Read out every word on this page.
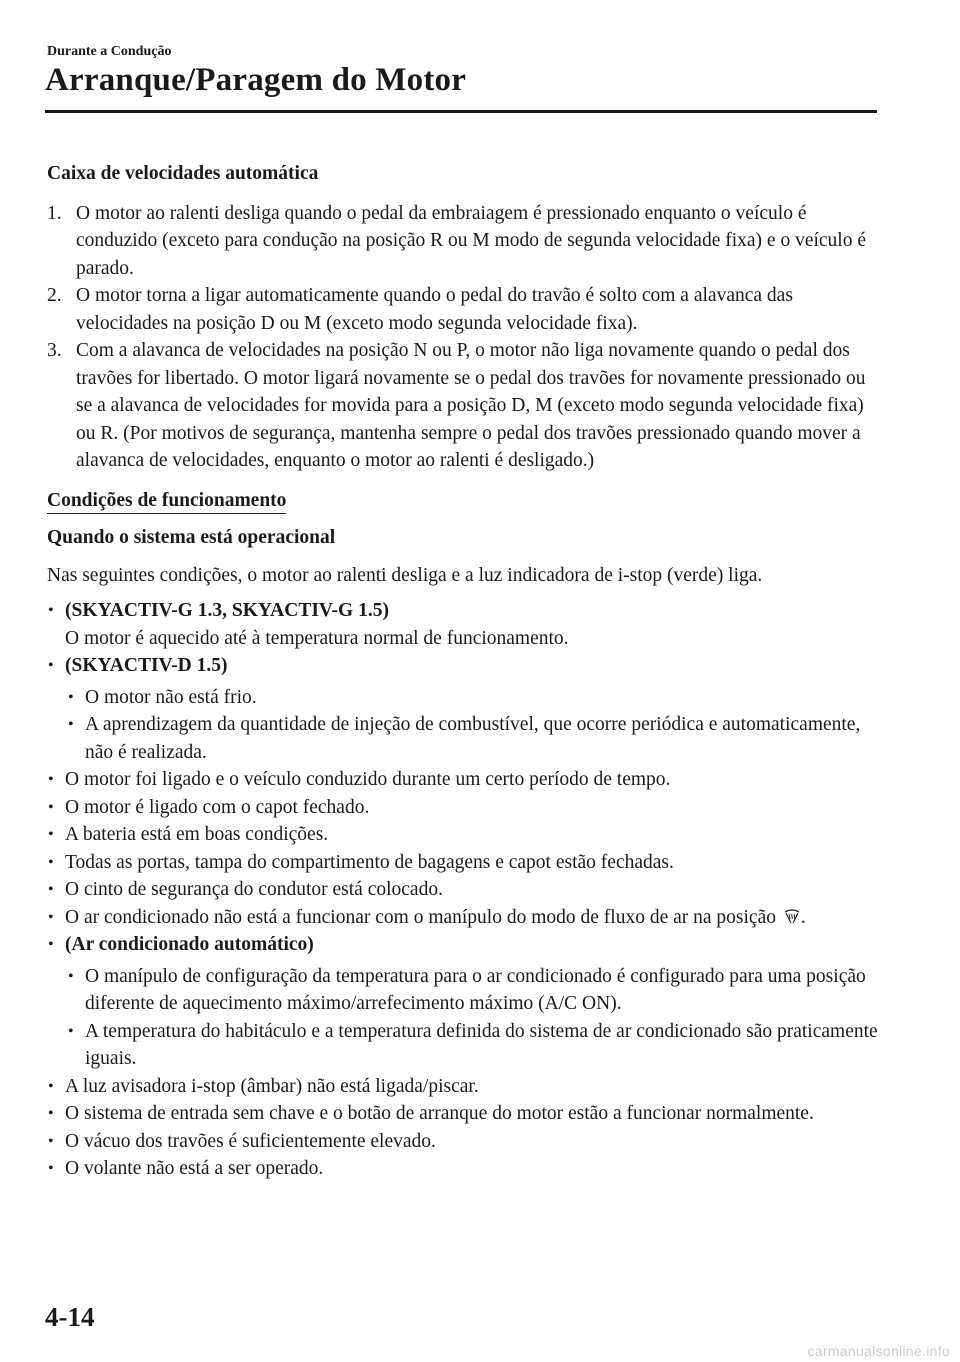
Durante a Condução
Arranque/Paragem do Motor

Caixa de velocidades automática

1. O motor ao ralenti desliga quando o pedal da embraiagem é pressionado enquanto o veículo é conduzido (exceto para condução na posição R ou M modo de segunda velocidade fixa) e o veículo é parado.
2. O motor torna a ligar automaticamente quando o pedal do travão é solto com a alavanca das velocidades na posição D ou M (exceto modo segunda velocidade fixa).
3. Com a alavanca de velocidades na posição N ou P, o motor não liga novamente quando o pedal dos travões for libertado. O motor ligará novamente se o pedal dos travões for novamente pressionado ou se a alavanca de velocidades for movida para a posição D, M (exceto modo segunda velocidade fixa) ou R. (Por motivos de segurança, mantenha sempre o pedal dos travões pressionado quando mover a alavanca de velocidades, enquanto o motor ao ralenti é desligado.)
Condições de funcionamento

Quando o sistema está operacional

Nas seguintes condições, o motor ao ralenti desliga e a luz indicadora de i-stop (verde) liga.

• (SKYACTIV-G 1.3, SKYACTIV-G 1.5)
O motor é aquecido até à temperatura normal de funcionamento.
• (SKYACTIV-D 1.5)
• O motor não está frio.
• A aprendizagem da quantidade de injeção de combustível, que ocorre periódica e automaticamente, não é realizada.
• O motor foi ligado e o veículo conduzido durante um certo período de tempo.
• O motor é ligado com o capot fechado.
• A bateria está em boas condições.
• Todas as portas, tampa do compartimento de bagagens e capot estão fechadas.
• O cinto de segurança do condutor está colocado.
• O ar condicionado não está a funcionar com o manípulo do modo de fluxo de ar na posição .
• (Ar condicionado automático)
• O manípulo de configuração da temperatura para o ar condicionado é configurado para uma posição diferente de aquecimento máximo/arrefecimento máximo (A/C ON).
• A temperatura do habitáculo e a temperatura definida do sistema de ar condicionado são praticamente iguais.
• A luz avisadora i-stop (âmbar) não está ligada/piscar.
• O sistema de entrada sem chave e o botão de arranque do motor estão a funcionar normalmente.
• O vácuo dos travões é suficientemente elevado.
• O volante não está a ser operado.
4-14
carmanualsonline.info
